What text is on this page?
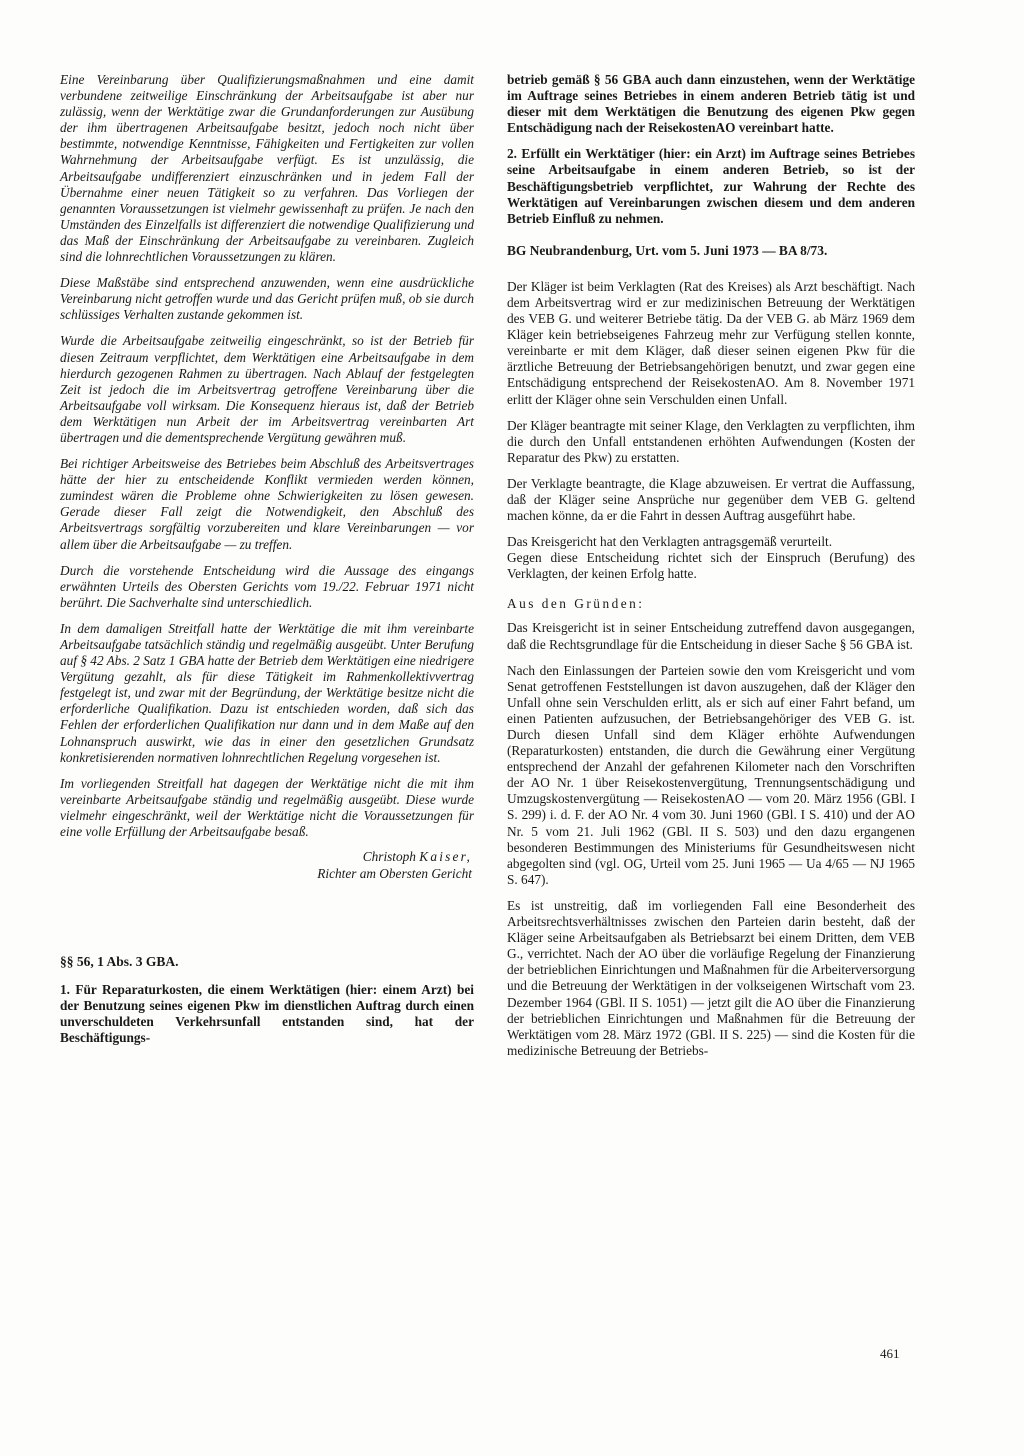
Eine Vereinbarung über Qualifizierungsmaßnahmen und eine damit verbundene zeitweilige Einschränkung der Arbeitsaufgabe ist aber nur zulässig, wenn der Werktätige zwar die Grundanforderungen zur Ausübung der ihm übertragenen Arbeitsaufgabe besitzt, jedoch noch nicht über bestimmte, notwendige Kenntnisse, Fähigkeiten und Fertigkeiten zur vollen Wahrnehmung der Arbeitsaufgabe verfügt. Es ist unzulässig, die Arbeitsaufgabe undifferenziert einzuschränken und in jedem Fall der Übernahme einer neuen Tätigkeit so zu verfahren. Das Vorliegen der genannten Voraussetzungen ist vielmehr gewissenhaft zu prüfen. Je nach den Umständen des Einzelfalls ist differenziert die notwendige Qualifizierung und das Maß der Einschränkung der Arbeitsaufgabe zu vereinbaren. Zugleich sind die lohnrechtlichen Voraussetzungen zu klären.

Diese Maßstäbe sind entsprechend anzuwenden, wenn eine ausdrückliche Vereinbarung nicht getroffen wurde und das Gericht prüfen muß, ob sie durch schlüssiges Verhalten zustande gekommen ist.

Wurde die Arbeitsaufgabe zeitweilig eingeschränkt, so ist der Betrieb für diesen Zeitraum verpflichtet, dem Werktätigen eine Arbeitsaufgabe in dem hierdurch gezogenen Rahmen zu übertragen. Nach Ablauf der festgelegten Zeit ist jedoch die im Arbeitsvertrag getroffene Vereinbarung über die Arbeitsaufgabe voll wirksam. Die Konsequenz hieraus ist, daß der Betrieb dem Werktätigen nun Arbeit der im Arbeitsvertrag vereinbarten Art übertragen und die dementsprechende Vergütung gewähren muß.

Bei richtiger Arbeitsweise des Betriebes beim Abschluß des Arbeitsvertrages hätte der hier zu entscheidende Konflikt vermieden werden können, zumindest wären die Probleme ohne Schwierigkeiten zu lösen gewesen. Gerade dieser Fall zeigt die Notwendigkeit, den Abschluß des Arbeitsvertrags sorgfältig vorzubereiten und klare Vereinbarungen — vor allem über die Arbeitsaufgabe — zu treffen.

Durch die vorstehende Entscheidung wird die Aussage des eingangs erwähnten Urteils des Obersten Gerichts vom 19./22. Februar 1971 nicht berührt. Die Sachverhalte sind unterschiedlich.

In dem damaligen Streitfall hatte der Werktätige die mit ihm vereinbarte Arbeitsaufgabe tatsächlich ständig und regelmäßig ausgeübt. Unter Berufung auf § 42 Abs. 2 Satz 1 GBA hatte der Betrieb dem Werktätigen eine niedrigere Vergütung gezahlt, als für diese Tätigkeit im Rahmenkollektivvertrag festgelegt ist, und zwar mit der Begründung, der Werktätige besitze nicht die erforderliche Qualifikation. Dazu ist entschieden worden, daß sich das Fehlen der erforderlichen Qualifikation nur dann und in dem Maße auf den Lohnanspruch auswirkt, wie das in einer den gesetzlichen Grundsatz konkretisierenden normativen lohnrechtlichen Regelung vorgesehen ist.

Im vorliegenden Streitfall hat dagegen der Werktätige nicht die mit ihm vereinbarte Arbeitsaufgabe ständig und regelmäßig ausgeübt. Diese wurde vielmehr eingeschränkt, weil der Werktätige nicht die Voraussetzungen für eine volle Erfüllung der Arbeitsaufgabe besaß.

Christoph Kaiser,
Richter am Obersten Gericht
§§ 56, 1 Abs. 3 GBA.

1. Für Reparaturkosten, die einem Werktätigen (hier: einem Arzt) bei der Benutzung seines eigenen Pkw im dienstlichen Auftrag durch einen unverschuldeten Verkehrsunfall entstanden sind, hat der Beschäftigungs-

betrieb gemäß § 56 GBA auch dann einzustehen, wenn der Werktätige im Auftrage seines Betriebes in einem anderen Betrieb tätig ist und dieser mit dem Werktätigen die Benutzung des eigenen Pkw gegen Entschädigung nach der ReisekostenAO vereinbart hatte.

2. Erfüllt ein Werktätiger (hier: ein Arzt) im Auftrage seines Betriebes seine Arbeitsaufgabe in einem anderen Betrieb, so ist der Beschäftigungsbetrieb verpflichtet, zur Wahrung der Rechte des Werktätigen auf Vereinbarungen zwischen diesem und dem anderen Betrieb Einfluß zu nehmen.

BG Neubrandenburg, Urt. vom 5. Juni 1973 — BA 8/73.

Der Kläger ist beim Verklagten (Rat des Kreises) als Arzt beschäftigt. Nach dem Arbeitsvertrag wird er zur medizinischen Betreuung der Werktätigen des VEB G. und weiterer Betriebe tätig. Da der VEB G. ab März 1969 dem Kläger kein betriebseigenes Fahrzeug mehr zur Verfügung stellen konnte, vereinbarte er mit dem Kläger, daß dieser seinen eigenen Pkw für die ärztliche Betreuung der Betriebsangehörigen benutzt, und zwar gegen eine Entschädigung entsprechend der ReisekostenAO. Am 8. November 1971 erlitt der Kläger ohne sein Verschulden einen Unfall.

Der Kläger beantragte mit seiner Klage, den Verklagten zu verpflichten, ihm die durch den Unfall entstandenen erhöhten Aufwendungen (Kosten der Reparatur des Pkw) zu erstatten.

Der Verklagte beantragte, die Klage abzuweisen. Er vertrat die Auffassung, daß der Kläger seine Ansprüche nur gegenüber dem VEB G. geltend machen könne, da er die Fahrt in dessen Auftrag ausgeführt habe.

Das Kreisgericht hat den Verklagten antragsgemäß verurteilt.

Gegen diese Entscheidung richtet sich der Einspruch (Berufung) des Verklagten, der keinen Erfolg hatte.

Aus den Gründen:

Das Kreisgericht ist in seiner Entscheidung zutreffend davon ausgegangen, daß die Rechtsgrundlage für die Entscheidung in dieser Sache § 56 GBA ist.

Nach den Einlassungen der Parteien sowie den vom Kreisgericht und vom Senat getroffenen Feststellungen ist davon auszugehen, daß der Kläger den Unfall ohne sein Verschulden erlitt, als er sich auf einer Fahrt befand, um einen Patienten aufzusuchen, der Betriebsangehöriger des VEB G. ist. Durch diesen Unfall sind dem Kläger erhöhte Aufwendungen (Reparaturkosten) entstanden, die durch die Gewährung einer Vergütung entsprechend der Anzahl der gefahrenen Kilometer nach den Vorschriften der AO Nr. 1 über Reisekostenvergütung, Trennungsentschädigung und Umzugskostenvergütung — ReisekostenAO — vom 20. März 1956 (GBl. I S. 299) i. d. F. der AO Nr. 4 vom 30. Juni 1960 (GBl. I S. 410) und der AO Nr. 5 vom 21. Juli 1962 (GBl. II S. 503) und den dazu ergangenen besonderen Bestimmungen des Ministeriums für Gesundheitswesen nicht abgegolten sind (vgl. OG, Urteil vom 25. Juni 1965 — Ua 4/65 — NJ 1965 S. 647).

Es ist unstreitig, daß im vorliegenden Fall eine Besonderheit des Arbeitsrechtsverhältnisses zwischen den Parteien darin besteht, daß der Kläger seine Arbeitsaufgaben als Betriebsarzt bei einem Dritten, dem VEB G., verrichtet. Nach der AO über die vorläufige Regelung der Finanzierung der betrieblichen Einrichtungen und Maßnahmen für die Arbeiterversorgung und die Betreuung der Werktätigen in der volkseigenen Wirtschaft vom 23. Dezember 1964 (GBl. II S. 1051) — jetzt gilt die AO über die Finanzierung der betrieblichen Einrichtungen und Maßnahmen für die Betreuung der Werktätigen vom 28. März 1972 (GBl. II S. 225) — sind die Kosten für die medizinische Betreuung der Betriebs-

461
